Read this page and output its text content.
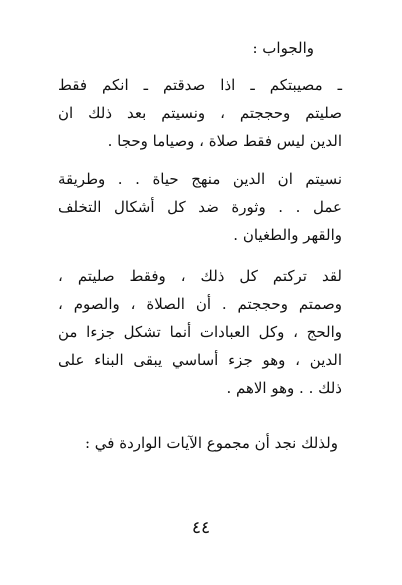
والجواب :
ـ مصيبتكم ـ اذا صدقتم ـ انكم فقط
صليتم وحججتم ، ونسيتم بعد ذلك ان
الدين ليس فقط صلاة ، وصياما وحجا .
نسيتم ان الدين منهج حياة . . وطريقة
عمل . . وثورة ضد كل أشكال التخلف
والقهر والطغيان .
لقد تركتم كل ذلك ، وفقط صليتم ،
وصمتم وحججتم . أن الصلاة ، والصوم ،
والحج ، وكل العبادات أنما تشكل جزءا من
الدين ، وهو جزء أساسي يبقى البناء على
ذلك . . وهو الاهم .
ولذلك نجد أن مجموع الآيات الواردة في :
٤٤
